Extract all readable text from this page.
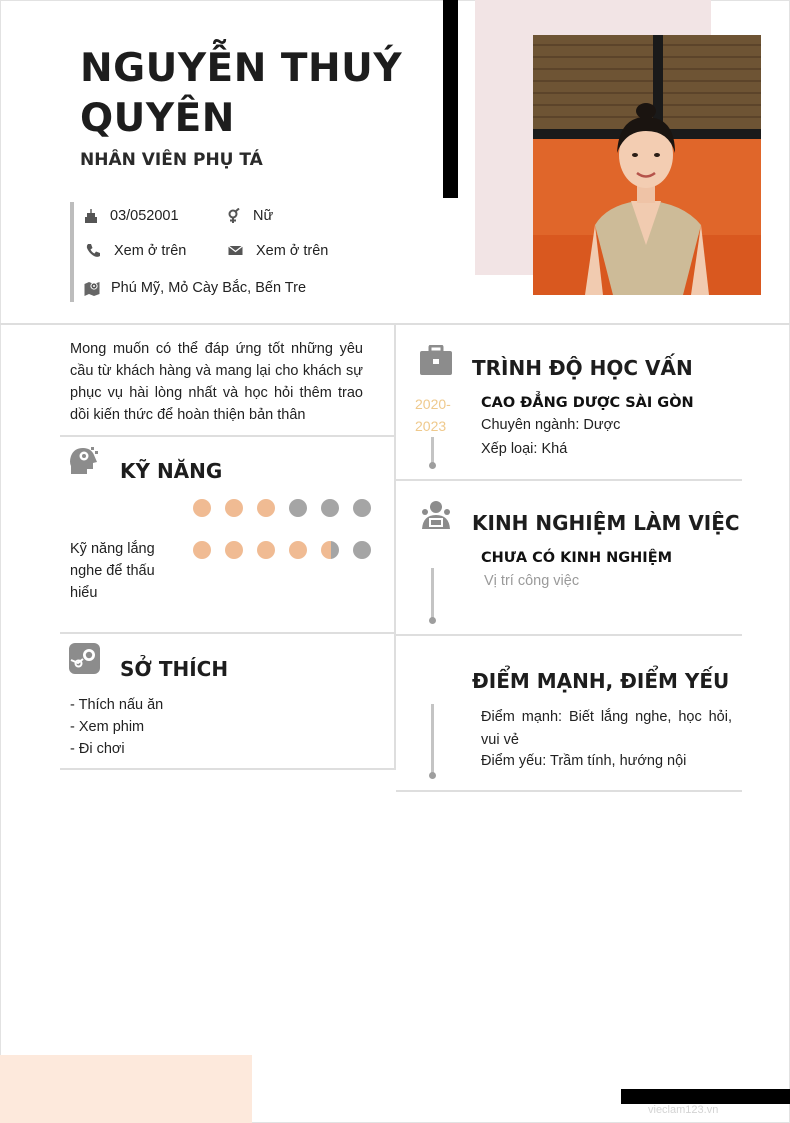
NGUYỄN THUÝ QUYÊN
NHÂN VIÊN PHỤ TÁ
03/052001	Nữ
Xem ở trên	Xem ở trên
Phú Mỹ, Mỏ Cày Bắc, Bến Tre
Mong muốn có thể đáp ứng tốt những yêu cầu từ khách hàng và mang lại cho khách sự phục vụ hài lòng nhất và học hỏi thêm trao dồi kiến thức để hoàn thiện bản thân
KỸ NĂNG
Kỹ năng lắng nghe để thấu hiểu
SỞ THÍCH
- Thích nấu ăn
- Xem phim
- Đi chơi
TRÌNH ĐỘ HỌC VẤN
2020-
2023
CAO ĐẲNG DƯỢC SÀI GÒN
Chuyên ngành: Dược
Xếp loại: Khá
KINH NGHIỆM LÀM VIỆC
CHƯA CÓ KINH NGHIỆM
Vị trí công việc
ĐIỂM MẠNH, ĐIỂM YẾU
Điểm mạnh: Biết lắng nghe, học hỏi, vui vẻ
Điểm yếu: Trầm tính, hướng nội
vieclam123.vn
